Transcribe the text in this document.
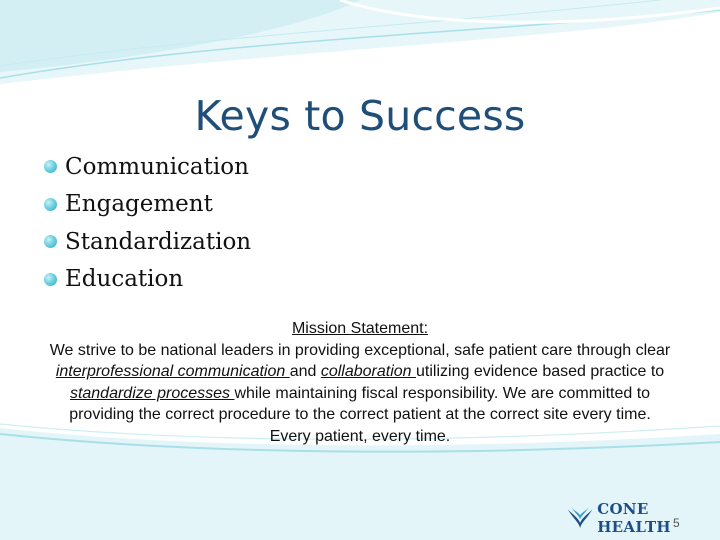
Keys to Success
Communication
Engagement
Standardization
Education
Mission Statement:
We strive to be national leaders in providing exceptional, safe patient care through clear interprofessional communication and collaboration utilizing evidence based practice to standardize processes while maintaining fiscal responsibility. We are committed to providing the correct procedure to the correct patient at the correct site every time. Every patient, every time.
CONE HEALTH 5
